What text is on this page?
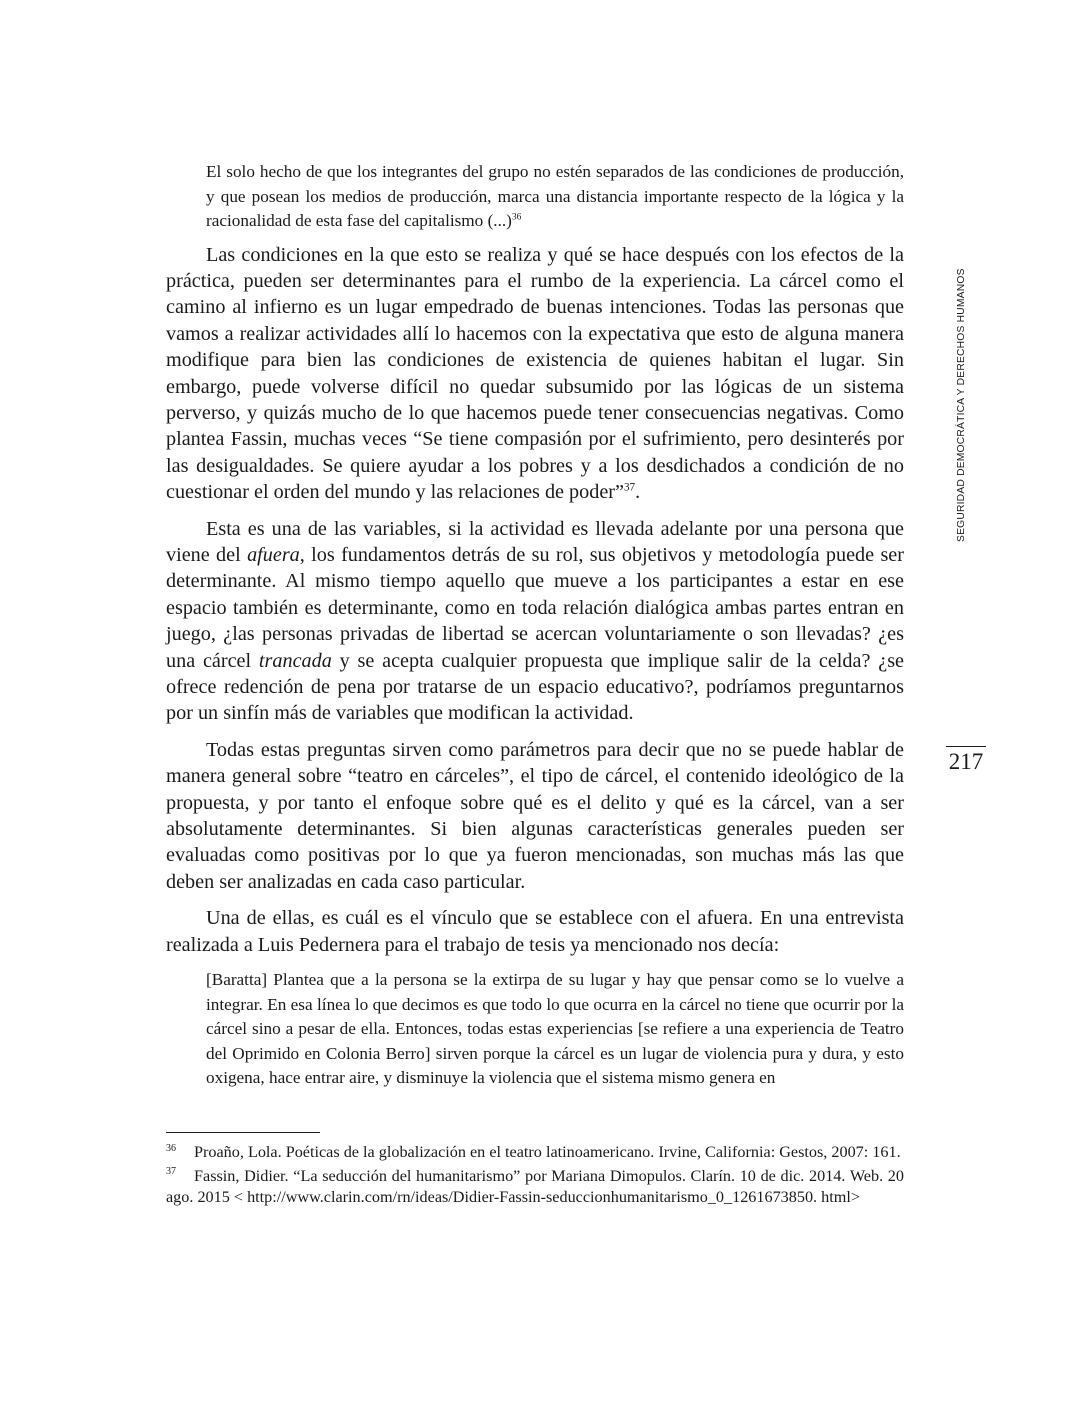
El solo hecho de que los integrantes del grupo no estén separados de las condiciones de producción, y que posean los medios de producción, marca una distancia importante respecto de la lógica y la racionalidad de esta fase del capitalismo (...)$^{36}$

Las condiciones en la que esto se realiza y qué se hace después con los efectos de la práctica, pueden ser determinantes para el rumbo de la experiencia. La cárcel como el camino al infierno es un lugar empedrado de buenas intenciones. Todas las personas que vamos a realizar actividades allí lo hacemos con la expectativa que esto de alguna manera modifique para bien las condiciones de existencia de quienes habitan el lugar. Sin embargo, puede volverse difícil no quedar subsumido por las lógicas de un sistema perverso, y quizás mucho de lo que hacemos puede tener consecuencias negativas. Como plantea Fassin, muchas veces “Se tiene compasión por el sufrimiento, pero desinterés por las desigualdades. Se quiere ayudar a los pobres y a los desdichados a condición de no cuestionar el orden del mundo y las relaciones de poder”$^{37}$.

Esta es una de las variables, si la actividad es llevada adelante por una persona que viene del afuera, los fundamentos detrás de su rol, sus objetivos y metodología puede ser determinante. Al mismo tiempo aquello que mueve a los participantes a estar en ese espacio también es determinante, como en toda relación dialógica ambas partes entran en juego, ¿las personas privadas de libertad se acercan voluntariamente o son llevadas? ¿es una cárcel trancada y se acepta cualquier propuesta que implique salir de la celda? ¿se ofrece redención de pena por tratarse de un espacio educativo?, podríamos preguntarnos por un sinfín más de variables que modifican la actividad.

Todas estas preguntas sirven como parámetros para decir que no se puede hablar de manera general sobre “teatro en cárceles”, el tipo de cárcel, el contenido ideológico de la propuesta, y por tanto el enfoque sobre qué es el delito y qué es la cárcel, van a ser absolutamente determinantes. Si bien algunas características generales pueden ser evaluadas como positivas por lo que ya fueron mencionadas, son muchas más las que deben ser analizadas en cada caso particular.

Una de ellas, es cuál es el vínculo que se establece con el afuera. En una entrevista realizada a Luis Pedernera para el trabajo de tesis ya mencionado nos decía:

[Baratta] Plantea que a la persona se la extirpa de su lugar y hay que pensar como se lo vuelve a integrar. En esa línea lo que decimos es que todo lo que ocurra en la cárcel no tiene que ocurrir por la cárcel sino a pesar de ella. Entonces, todas estas experiencias [se refiere a una experiencia de Teatro del Oprimido en Colonia Berro] sirven porque la cárcel es un lugar de violencia pura y dura, y esto oxigena, hace entrar aire, y disminuye la violencia que el sistema mismo genera en

36 Proaño, Lola. Poéticas de la globalización en el teatro latinoamericano. Irvine, California: Gestos, 2007: 161.

37 Fassin, Didier. “La seducción del humanitarismo” por Mariana Dimopulos. Clarín. 10 de dic. 2014. Web. 20 ago. 2015 < http://www.clarin.com/rn/ideas/Didier-Fassin-seduccionhumanitarismo_0_1261673850. html>

SEGURIDAD DEMOCRÁTICA Y DERECHOS HUMANOS
217
